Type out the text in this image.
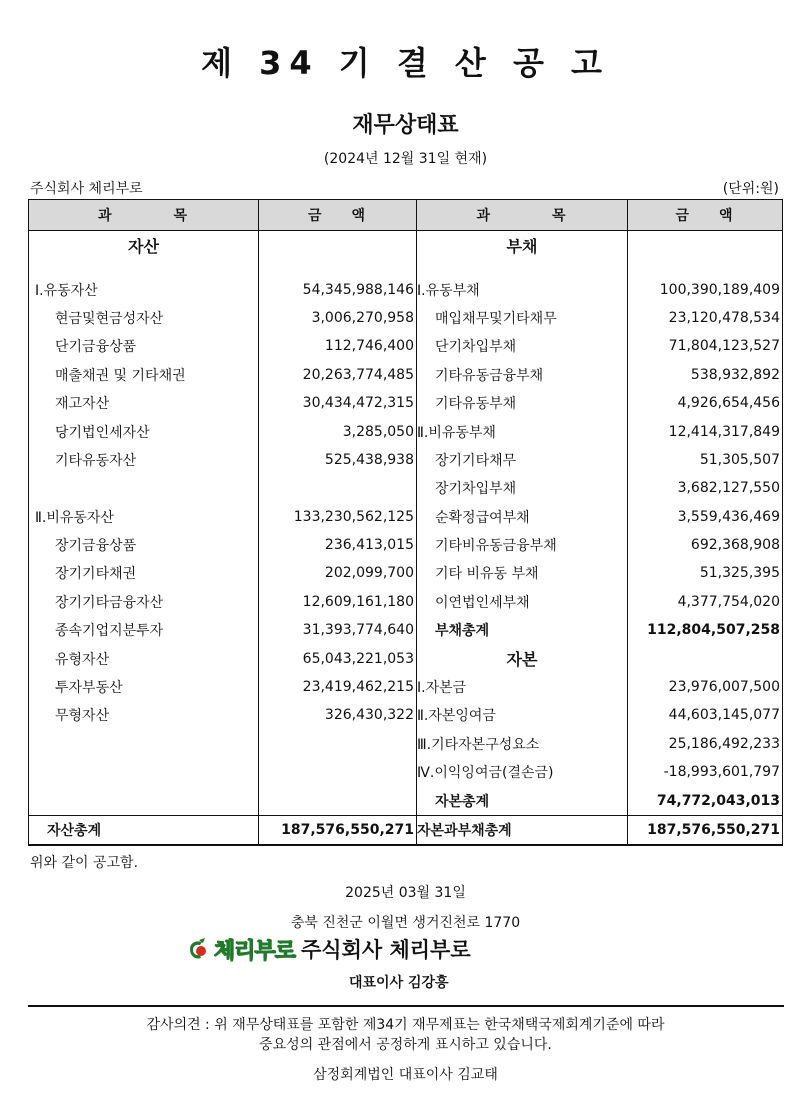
제 34 기 결 산 공 고
재무상태표
(2024년 12월 31일 현재)
주식회사 체리부로	(단위:원)
과 목	금 액	과 목	금 액
자산		부채	

Ⅰ.유동자산	54,345,988,146	Ⅰ.유동부채	100,390,189,409
현금및현금성자산	3,006,270,958	매입채무및기타채무	23,120,478,534
단기금융상품	112,746,400	단기차입부채	71,804,123,527
매출채권 및 기타채권	20,263,774,485	기타유동금융부채	538,932,892
재고자산	30,434,472,315	기타유동부채	4,926,654,456
당기법인세자산	3,285,050	Ⅱ.비유동부채	12,414,317,849
기타유동자산	525,438,938	장기기타채무	51,305,507
		장기차입부채	3,682,127,550
Ⅱ.비유동자산	133,230,562,125	순확정급여부채	3,559,436,469
장기금융상품	236,413,015	기타비유동금융부채	692,368,908
장기기타채권	202,099,700	기타 비유동 부채	51,325,395
장기기타금융자산	12,609,161,180	이연법인세부채	4,377,754,020
종속기업지분투자	31,393,774,640	부채총계	112,804,507,258
유형자산	65,043,221,053	자본	
투자부동산	23,419,462,215	Ⅰ.자본금	23,976,007,500
무형자산	326,430,322	Ⅱ.자본잉여금	44,603,145,077
		Ⅲ.기타자본구성요소	25,186,492,233
		Ⅳ.이익잉여금(결손금)	-18,993,601,797
		자본총계	74,772,043,013
자산총계	187,576,550,271	자본과부채총계	187,576,550,271
위와 같이 공고함.
2025년 03월 31일
충북 진천군 이월면 생거진천로 1770
체리부로 주식회사 체리부로
대표이사 김강흥
감사의견 : 위 재무상태표를 포함한 제34기 재무제표는 한국채택국제회계기준에 따라
중요성의 관점에서 공정하게 표시하고 있습니다.
삼정회계법인 대표이사 김교태
